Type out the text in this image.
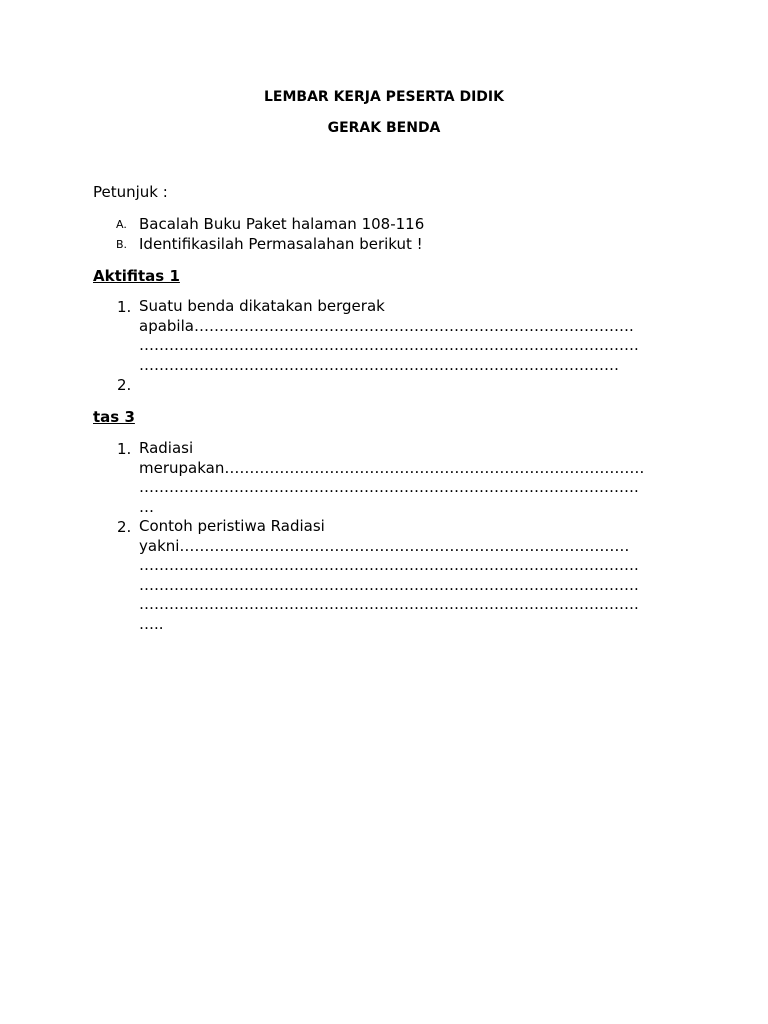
LEMBAR KERJA PESERTA DIDIK
GERAK BENDA
Petunjuk :
A. Bacalah Buku Paket halaman 108-116
B. Identifikasilah Permasalahan berikut !
Aktifitas 1
1. Suatu benda dikatakan bergerak
apabila…………………………………………………………………………….
……………………………………………………………………………………….
……………………………………………………………………………………
2.
tas 3
1. Radiasi
merupakan…………………………………………………………………………
……………………………………………………………………………………….
…
2. Contoh peristiwa Radiasi
yakni………………………………………………………………………………
……………………………………………………………………………………….
……………………………………………………………………………………….
……………………………………………………………………………………….
…..
